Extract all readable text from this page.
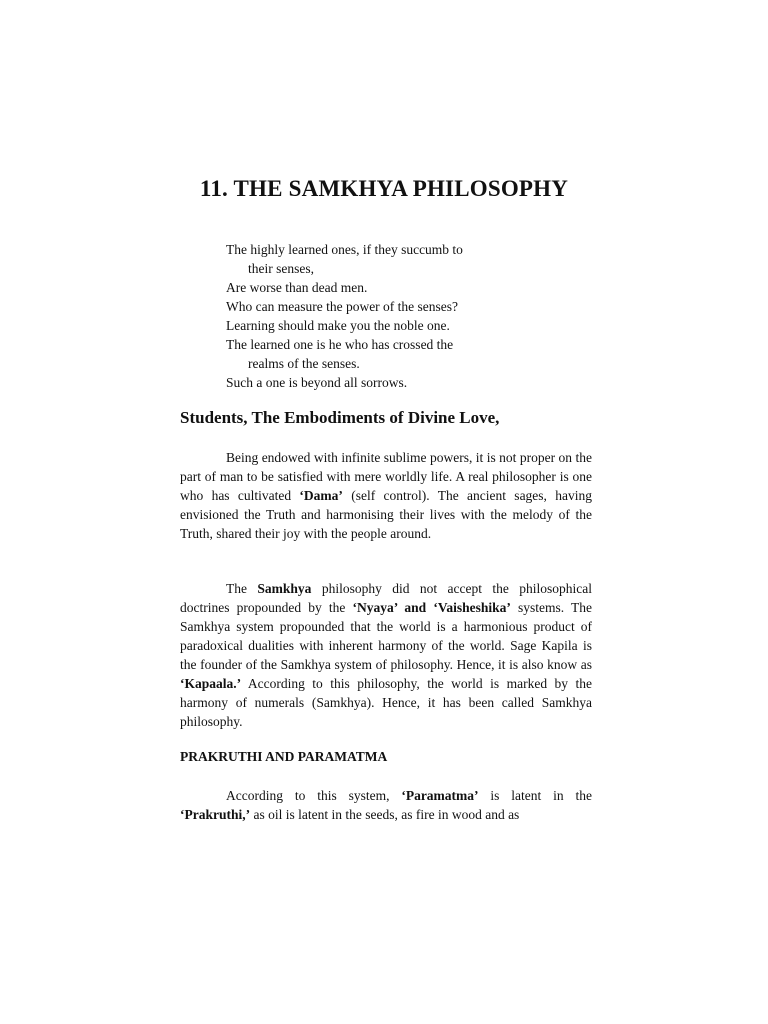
11. THE SAMKHYA PHILOSOPHY
The highly learned ones, if they succumb to
their senses,
Are worse than dead men.
Who can measure the power of the senses?
Learning should make you the noble one.
The learned one is he who has crossed the
realms of the senses.
Such a one is beyond all sorrows.
Students, The Embodiments of Divine Love,

Being endowed with infinite sublime powers, it is not proper on the part of man to be satisfied with mere worldly life. A real philosopher is one who has cultivated ‘Dama’ (self control). The ancient sages, having envisioned the Truth and harmonising their lives with the melody of the Truth, shared their joy with the people around.

The Samkhya philosophy did not accept the philosophical doctrines propounded by the ‘Nyaya’ and ‘Vaisheshika’ systems. The Samkhya system propounded that the world is a harmonious product of paradoxical dualities with inherent harmony of the world. Sage Kapila is the founder of the Samkhya system of philosophy. Hence, it is also know as ‘Kapaala.’ According to this philosophy, the world is marked by the harmony of numerals (Samkhya). Hence, it has been called Samkhya philosophy.

PRAKRUTHI AND PARAMATMA

According to this system, ‘Paramatma’ is latent in the ‘Prakruthi,’ as oil is latent in the seeds, as fire in wood and as
